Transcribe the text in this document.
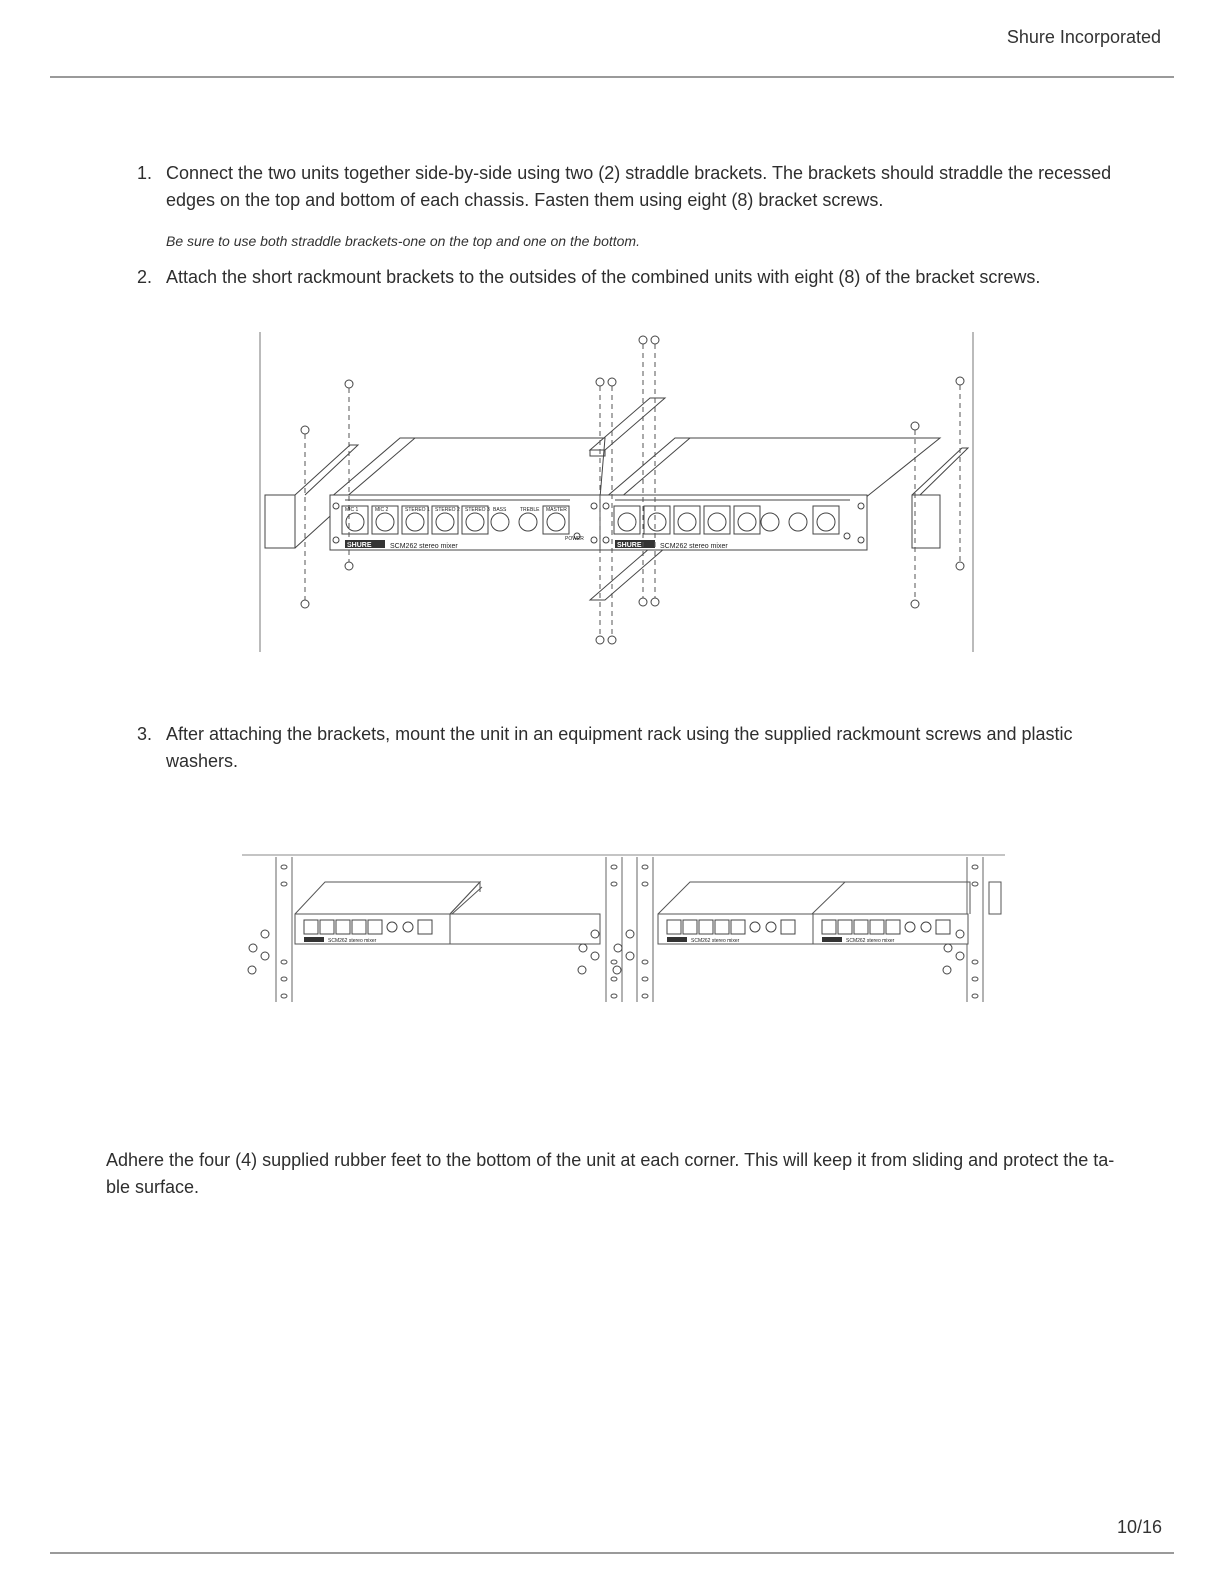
Shure Incorporated
1. Connect the two units together side-by-side using two (2) straddle brackets. The brackets should straddle the recessed edges on the top and bottom of each chassis. Fasten them using eight (8) bracket screws.
Be sure to use both straddle brackets-one on the top and one on the bottom.
2. Attach the short rackmount brackets to the outsides of the combined units with eight (8) of the bracket screws.
MIC 1	MIC 2	STEREO 1 STEREO 2 STEREO 3 BASS	TREBLE MASTER
POWER
SHURE	SCM262 stereo mixer	SHURE	SCM262 stereo mixer
3. After attaching the brackets, mount the unit in an equipment rack using the supplied rackmount screws and plastic washers.
SCM262 stereo mixer	SCM262 stereo mixer	SCM262 stereo mixer
Adhere the four (4) supplied rubber feet to the bottom of the unit at each corner. This will keep it from sliding and protect the ta-ble surface.
10/16
